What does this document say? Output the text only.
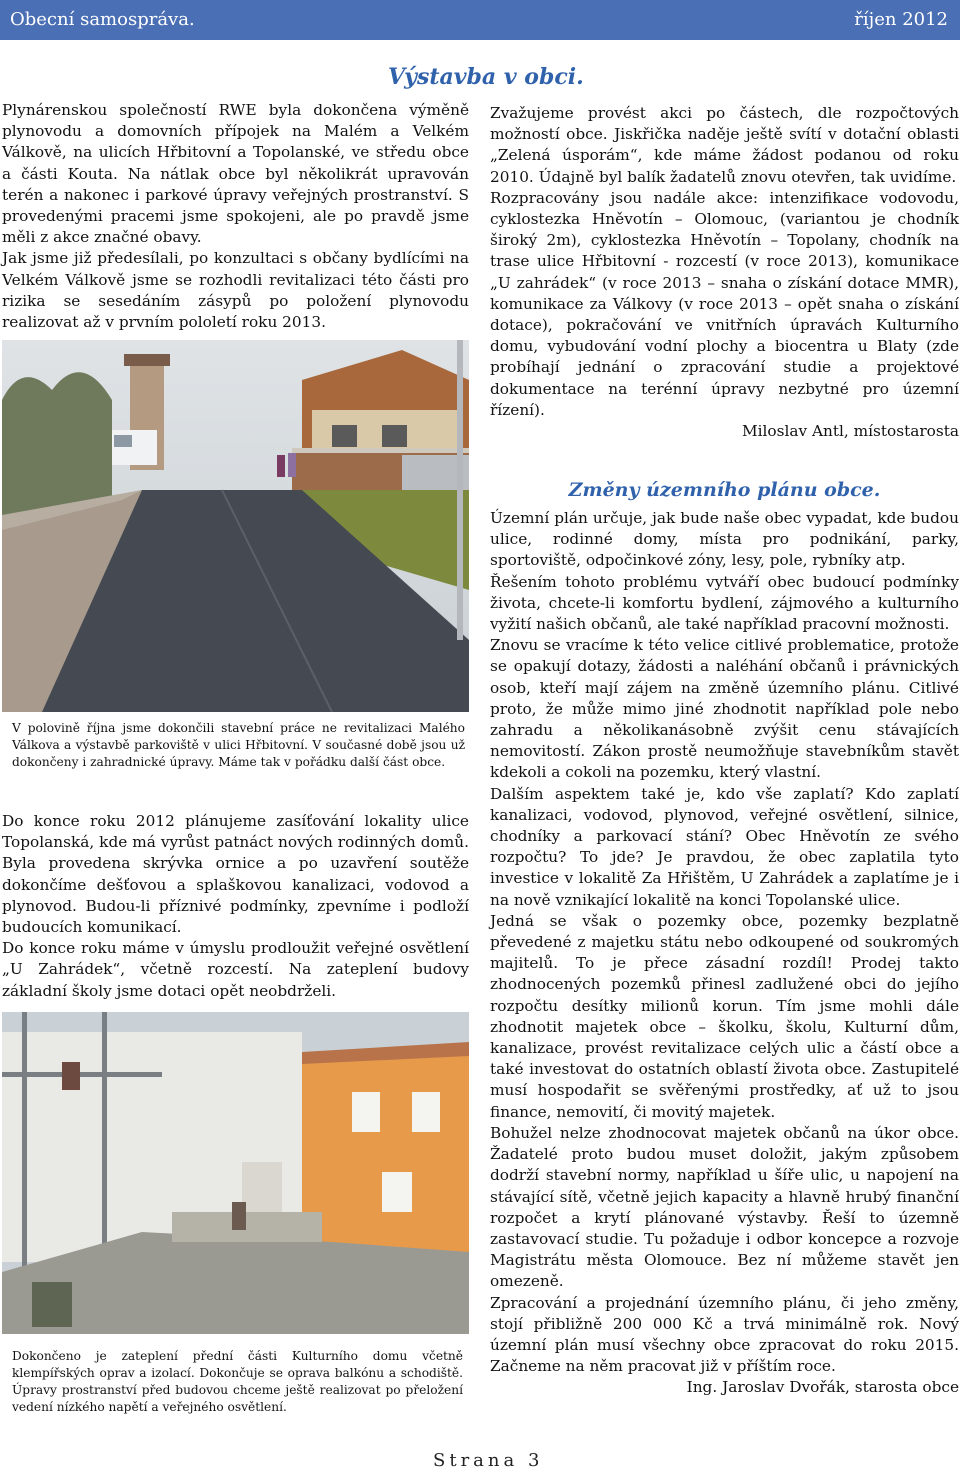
Obecní samospráva.	říjen 2012
Výstavba v obci.

Plynárenskou společností RWE byla dokončena výměně plynovodu a domovních přípojek na Malém a Velkém Válkově, na ulicích Hřbitovní a Topolanské, ve středu obce a části Kouta. Na nátlak obce byl několikrát upravován terén a nakonec i parkové úpravy veřejných prostranství. S provedenými pracemi jsme spokojeni, ale po pravdě jsme měli z akce značné obavy.

Jak jsme již předesílali, po konzultaci s občany bydlícími na Velkém Válkově jsme se rozhodli revitalizaci této části pro rizika se sesedáním zásypů po položení plynovodu realizovat až v prvním pololetí roku 2013.

V polovině října jsme dokončili stavební práce ne revitalizaci Malého Válkova a výstavbě parkoviště v ulici Hřbitovní. V současné době jsou už dokončeny i zahradnické úpravy. Máme tak v pořádku další část obce.

Do konce roku 2012 plánujeme zasíťování lokality ulice Topolanská, kde má vyrůst patnáct nových rodinných domů. Byla provedena skrývka ornice a po uzavření soutěže dokončíme dešťovou a splaškovou kanalizaci, vodovod a plynovod. Budou-li příznivé podmínky, zpevníme i podloží budoucích komunikací.

Do konce roku máme v úmyslu prodloužit veřejné osvětlení „U Zahrádek“, včetně rozcestí. Na zateplení budovy základní školy jsme dotaci opět neobdrželi.

Dokončeno je zateplení přední části Kulturního domu včetně klempířských oprav a izolací. Dokončuje se oprava balkónu a schodiště. Úpravy prostranství před budovou chceme ještě realizovat po přeložení vedení nízkého napětí a veřejného osvětlení.

Zvažujeme provést akci po částech, dle rozpočtových možností obce. Jiskřička naděje ještě svítí v dotační oblasti „Zelená úsporám“, kde máme žádost podanou od roku 2010. Údajně byl balík žadatelů znovu otevřen, tak uvidíme.

Rozpracovány jsou nadále akce: intenzifikace vodovodu, cyklostezka Hněvotín – Olomouc, (variantou je chodník široký 2m), cyklostezka Hněvotín – Topolany, chodník na trase ulice Hřbitovní - rozcestí (v roce 2013), komunikace „U zahrádek“ (v roce 2013 – snaha o získání dotace MMR), komunikace za Válkovy (v roce 2013 – opět snaha o získání dotace), pokračování ve vnitřních úpravách Kulturního domu, vybudování vodní plochy a biocentra u Blaty (zde probíhají jednání o zpracování studie a projektové dokumentace na terénní úpravy nezbytné pro územní řízení).

Miloslav Antl, místostarosta

Změny územního plánu obce.

Územní plán určuje, jak bude naše obec vypadat, kde budou ulice, rodinné domy, místa pro podnikání, parky, sportoviště, odpočinkové zóny, lesy, pole, rybníky atp.

Řešením tohoto problému vytváří obec budoucí podmínky života, chcete-li komfortu bydlení, zájmového a kulturního vyžití našich občanů, ale také například pracovní možnosti.

Znovu se vracíme k této velice citlivé problematice, protože se opakují dotazy, žádosti a naléhání občanů i právnických osob, kteří mají zájem na změně územního plánu. Citlivé proto, že může mimo jiné zhodnotit například pole nebo zahradu a několikanásobně zvýšit cenu stávajících nemovitostí. Zákon prostě neumožňuje stavebníkům stavět kdekoli a cokoli na pozemku, který vlastní.

Dalším aspektem také je, kdo vše zaplatí? Kdo zaplatí kanalizaci, vodovod, plynovod, veřejné osvětlení, silnice, chodníky a parkovací stání? Obec Hněvotín ze svého rozpočtu? To jde? Je pravdou, že obec zaplatila tyto investice v lokalitě Za Hřištěm, U Zahrádek a zaplatíme je i na nově vznikající lokalitě na konci Topolanské ulice.

Jedná se však o pozemky obce, pozemky bezplatně převedené z majetku státu nebo odkoupené od soukromých majitelů. To je přece zásadní rozdíl! Prodej takto zhodnocených pozemků přinesl zadlužené obci do jejího rozpočtu desítky milionů korun. Tím jsme mohli dále zhodnotit majetek obce – školku, školu, Kulturní dům, kanalizace, provést revitalizace celých ulic a částí obce a také investovat do ostatních oblastí života obce. Zastupitelé musí hospodařit se svěřenými prostředky, ať už to jsou finance, nemovití, či movitý majetek.

Bohužel nelze zhodnocovat majetek občanů na úkor obce. Žadatelé proto budou muset doložit, jakým způsobem dodrží stavební normy, například u šíře ulic, u napojení na stávající sítě, včetně jejich kapacity a hlavně hrubý finanční rozpočet a krytí plánované výstavby. Řeší to územně zastavovací studie. Tu požaduje i odbor koncepce a rozvoje Magistrátu města Olomouce. Bez ní můžeme stavět jen omezeně.

Zpracování a projednání územního plánu, či jeho změny, stojí přibližně 200 000 Kč a trvá minimálně rok. Nový územní plán musí všechny obce zpracovat do roku 2015. Začneme na něm pracovat již v příštím roce.

Ing. Jaroslav Dvořák, starosta obce

Strana 3
